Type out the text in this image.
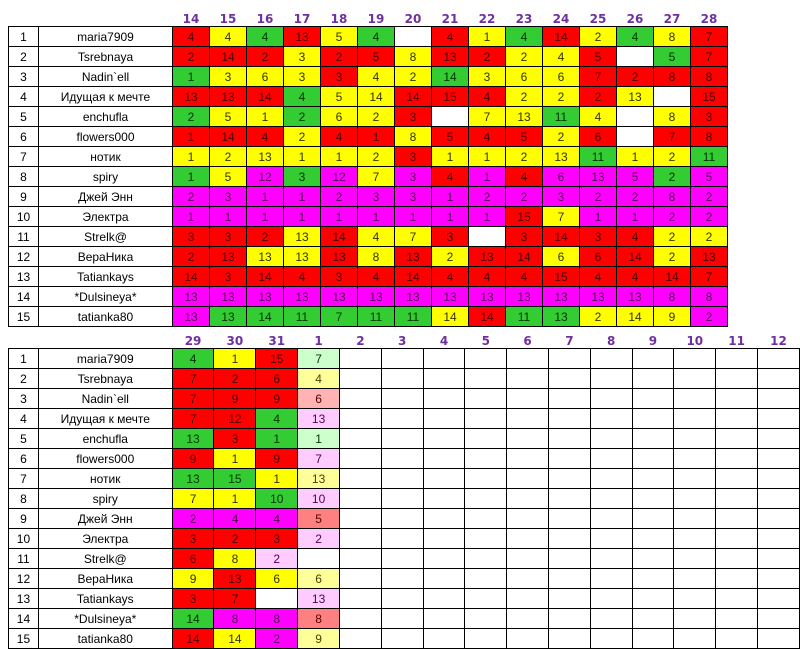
		14	15	16	17	18	19	20	21	22	23	24	25	26	27	28
1	maria7909	4	4	4	13	5	4		4	1	4	14	2	4	8	7
2	Tsrebnaya	2	14	2	3	2	5	8	13	2	2	4	5		5	7
3	Nadin`ell	1	3	6	3	3	4	2	14	3	6	6	7	2	8	8
4	Идущая к мечте	13	13	14	4	5	14	14	15	4	2	2	2	13		15
5	enchufla	2	5	1	2	6	2	3		7	13	11	4		8	3
6	flowers000	1	14	4	2	4	1	8	5	4	5	2	6		7	8
7	нотик	1	2	13	1	1	2	3	1	1	2	13	11	1	2	11
8	spiry	1	5	12	3	12	7	3	4	1	4	6	13	5	2	5
9	Джей Энн	2	3	1	1	2	3	3	1	2	2	3	2	2	8	2
10	Электра	1	1	1	1	1	1	1	1	1	15	7	1	1	2	2
11	Strelk@	3	3	2	13	14	4	7	3		3	14	3	4	2	2
12	ВераНика	2	13	13	13	13	8	13	2	13	14	6	6	14	2	13
13	Tatiankays	14	3	14	4	3	4	14	4	4	4	15	4	4	14	7
14	*Dulsineya*	13	13	13	13	13	13	13	13	13	13	13	13	13	8	8
15	tatianka80	13	13	14	11	7	11	11	14	14	11	13	2	14	9	2
		29	30	31	1	2	3	4	5	6	7	8	9	10	11	12
1	maria7909	4	1	15	7											
2	Tsrebnaya	7	2	6	4											
3	Nadin`ell	7	9	9	6											
4	Идущая к мечте	7	12	4	13											
5	enchufla	13	3	1	1											
6	flowers000	9	1	9	7											
7	нотик	13	15	1	13											
8	spiry	7	1	10	10											
9	Джей Энн	2	4	4	5											
10	Электра	3	2	3	2											
11	Strelk@	6	8	2												
12	ВераНика	9	13	6	6											
13	Tatiankays	3	7		13											
14	*Dulsineya*	14	8	8	8											
15	tatianka80	14	14	2	9											
